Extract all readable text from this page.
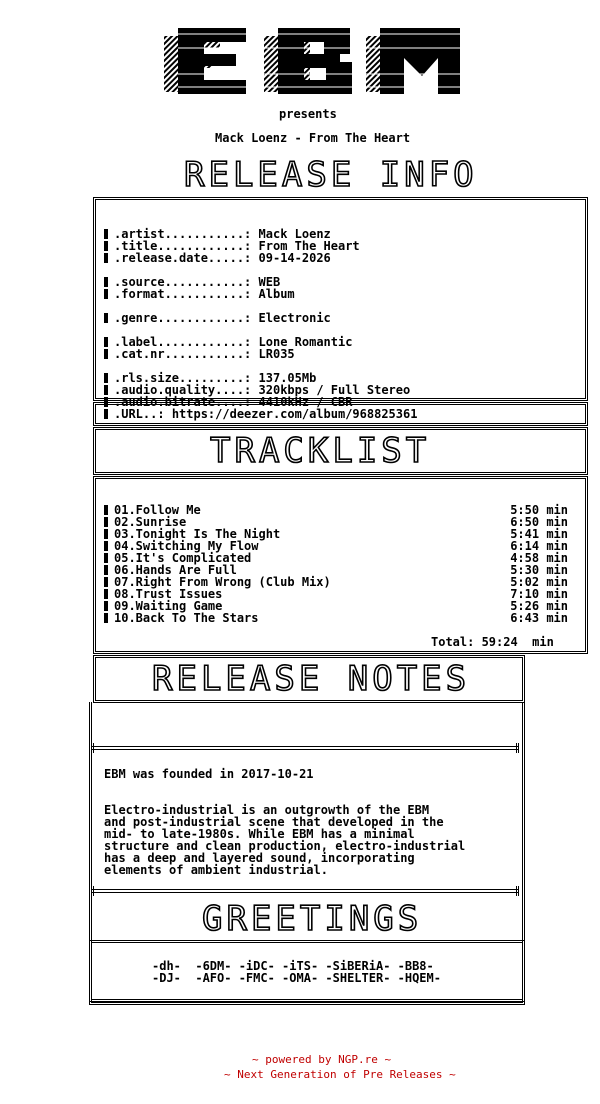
EBM
presents
Mack Loenz - From The Heart
RELEASE INFO

.artist...........: Mack Loenz
.title............: From The Heart
.release.date.....: 09-14-2026
.source...........: WEB
.format...........: Album
.genre............: Electronic
.label............: Lone Romantic
.cat.nr...........: LR035
.rls.size.........: 137.05Mb
.audio.quality....: 320kbps / Full Stereo
.audio.bitrate....: 4410kHz / CBR

.URL..: https://deezer.com/album/968825361
TRACKLIST
01.Follow Me	5:50 min
02.Sunrise	6:50 min
03.Tonight Is The Night	5:41 min
04.Switching My Flow	6:14 min
05.It's Complicated	4:58 min
06.Hands Are Full	5:30 min
07.Right From Wrong (Club Mix)	5:02 min
08.Trust Issues	7:10 min
09.Waiting Game	5:26 min
10.Back To The Stars	6:43 min
Total: 59:24  min
RELEASE NOTES
EBM was founded in 2017-10-21
Electro-industrial is an outgrowth of the EBM
and post-industrial scene that developed in the
mid- to late-1980s. While EBM has a minimal
structure and clean production, electro-industrial
has a deep and layered sound, incorporating
elements of ambient industrial.
GREETINGS
-dh-  -6DM- -iDC- -iTS- -SiBERiA- -BB8-
-DJ-  -AFO- -FMC- -OMA- -SHELTER- -HQEM-
~ powered by NGP.re ~
~ Next Generation of Pre Releases ~
